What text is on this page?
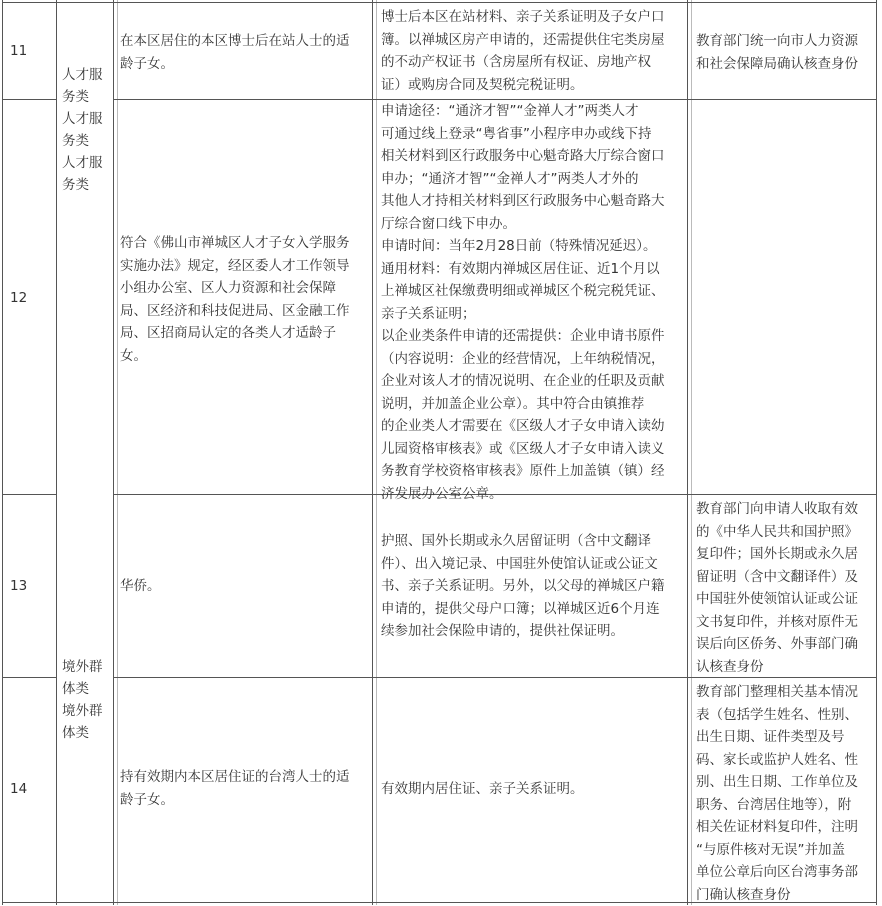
人才服
务类
人才服
务类
人才服
务类
境外群
体类
境外群
体类
11
在本区居住的本区博士后在站人士的适
龄子女。
博士后本区在站材料、亲子关系证明及子女户口
簿。以禅城区房产申请的，还需提供住宅类房屋
的不动产权证书（含房屋所有权证、房地产权
证）或购房合同及契税完税证明。
教育部门统一向市人力资源
和社会保障局确认核查身份
12
符合《佛山市禅城区人才子女入学服务
实施办法》规定，经区委人才工作领导
小组办公室、区人力资源和社会保障
局、区经济和科技促进局、区金融工作
局、区招商局认定的各类人才适龄子
女。
申请途径：“通济才智”“金禅人才”两类人才
可通过线上登录“粤省事”小程序申办或线下持
相关材料到区行政服务中心魁奇路大厅综合窗口
申办；“通济才智”“金禅人才”两类人才外的
其他人才持相关材料到区行政服务中心魁奇路大
厅综合窗口线下申办。
申请时间：当年2月28日前（特殊情况延迟）。
通用材料：有效期内禅城区居住证、近1个月以
上禅城区社保缴费明细或禅城区个税完税凭证、
亲子关系证明；
以企业类条件申请的还需提供：企业申请书原件
（内容说明：企业的经营情况，上年纳税情况，
企业对该人才的情况说明、在企业的任职及贡献
说明，并加盖企业公章）。其中符合由镇推荐
的企业类人才需要在《区级人才子女申请入读幼
儿园资格审核表》或《区级人才子女申请入读义
务教育学校资格审核表》原件上加盖镇（镇）经
济发展办公室公章。
13	华侨。
护照、国外长期或永久居留证明（含中文翻译
件）、出入境记录、中国驻外使馆认证或公证文
书、亲子关系证明。另外，以父母的禅城区户籍
申请的，提供父母户口簿；以禅城区近6个月连
续参加社会保险申请的，提供社保证明。
教育部门向申请人收取有效
的《中华人民共和国护照》
复印件；国外长期或永久居
留证明（含中文翻译件）及
中国驻外使领馆认证或公证
文书复印件，并核对原件无
误后向区侨务、外事部门确
认核查身份
14
持有效期内本区居住证的台湾人士的适
龄子女。
有效期内居住证、亲子关系证明。
教育部门整理相关基本情况
表（包括学生姓名、性别、
出生日期、证件类型及号
码、家长或监护人姓名、性
别、出生日期、工作单位及
职务、台湾居住地等），附
相关佐证材料复印件，注明
“与原件核对无误”并加盖
单位公章后向区台湾事务部
门确认核查身份
